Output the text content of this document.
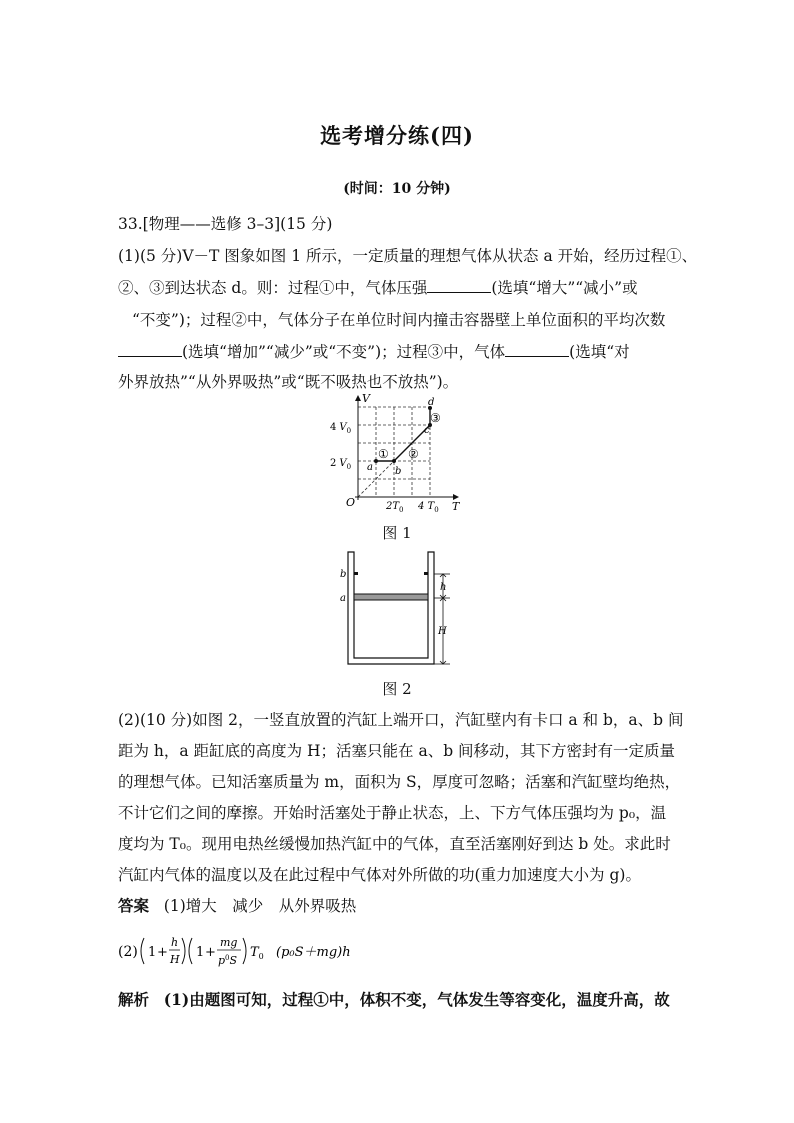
选考增分练(四)
(时间：10 分钟)
33.[物理——选修 3–3](15 分)
(1)(5 分)V－T 图象如图 1 所示，一定质量的理想气体从状态 a 开始，经历过程①、
②、③到达状态 d。则：过程①中，气体压强	(选填“增大”“减小”或
“不变”)；过程②中，气体分子在单位时间内撞击容器壁上单位面积的平均次数
(选填“增加”“减少”或“不变”)；过程③中，气体	(选填“对
外界放热”“从外界吸热”或“既不吸热也不放热”)。
V
T
O
4 $V_0$
2 $V_0$
$2T_0$ 4 $T_0$
a b
c
d
① ②
③
图 1
b
a
h
H
图 2
(2)(10 分)如图 2，一竖直放置的汽缸上端开口，汽缸壁内有卡口 a 和 b，a、b 间
距为 h，a 距缸底的高度为 H；活塞只能在 a、b 间移动，其下方密封有一定质量
的理想气体。已知活塞质量为 m，面积为 S，厚度可忽略；活塞和汽缸壁均绝热，
不计它们之间的摩擦。开始时活塞处于静止状态，上、下方气体压强均为 p₀，温
度均为 T₀。现用电热丝缓慢加热汽缸中的气体，直至活塞刚好到达 b 处。求此时
汽缸内气体的温度以及在此过程中气体对外所做的功(重力加速度大小为 g)。
答案 (1)增大　减少　从外界吸热
(2) 1 +
h
H 1 +
mg
$p^0S$
$T_0$ (p₀S＋mg)h
解析 (1)由题图可知，过程①中，体积不变，气体发生等容变化，温度升高，故
